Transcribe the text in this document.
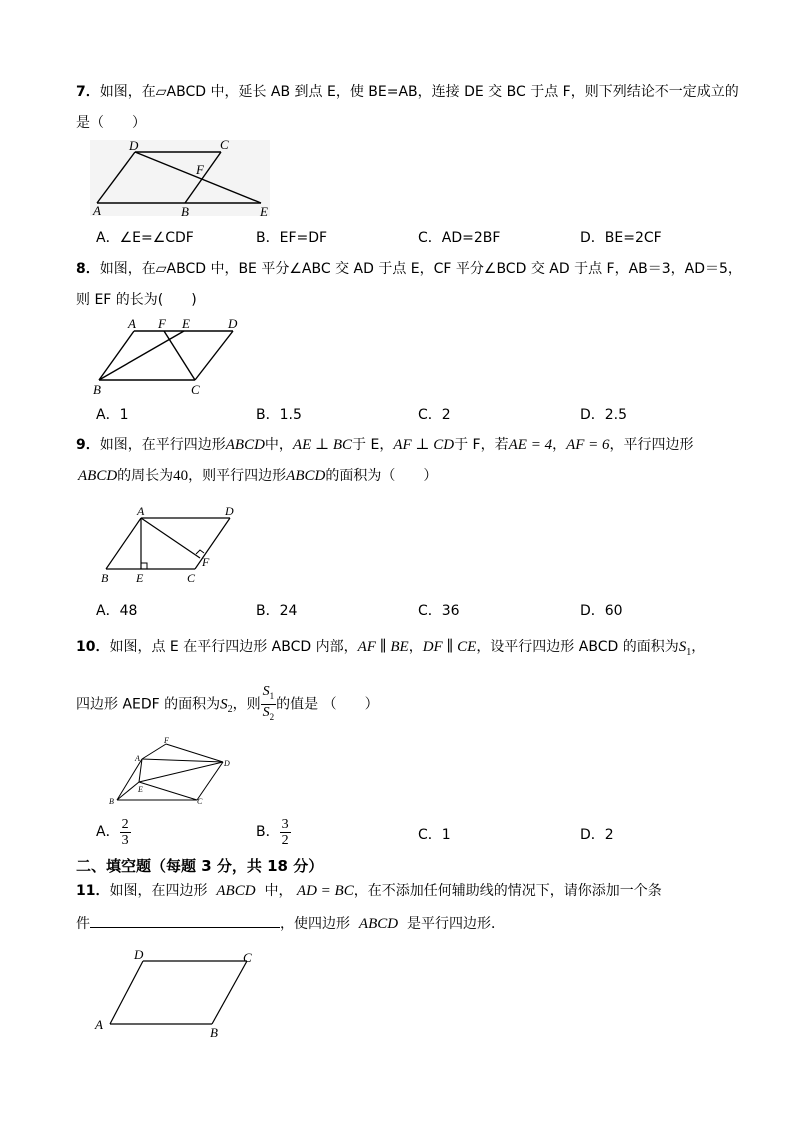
7．如图，在▱ABCD 中，延长 AB 到点 E，使 BE=AB，连接 DE 交 BC 于点 F，则下列结论不一定成立的
是（　　）
D	C
F
A	B	E
A．∠E=∠CDF	B．EF=DF	C．AD=2BF	D．BE=2CF
8．如图，在▱ABCD 中，BE 平分∠ABC 交 AD 于点 E，CF 平分∠BCD 交 AD 于点 F，AB＝3，AD＝5，
则 EF 的长为(　　)
A F E	D
B	C
A．1	B．1.5	C．2	D．2.5
9．如图，在平行四边形ABCD中，AE ⊥ BC于 E，AF ⊥ CD于 F，若AE = 4，AF = 6，平行四边形
ABCD的周长为40，则平行四边形ABCD的面积为（　　）
A	D
B E	C
F
A．48	B．24	C．36	D．60
10．如图，点 E 在平行四边形 ABCD 内部，AF ∥ BE，DF ∥ CE，设平行四边形 ABCD 的面积为$S_1$，
四边形 AEDF 的面积为$S_2$，则 $\frac{S_1}{S_2}$ 的值是 （　　）
F
A
D
E
B	C
A． $\frac{2}{3}$	B． $\frac{3}{2}$	C．1	D．2
二、填空题（每题 3 分，共 18 分）
11．如图，在四边形 ABCD 中， AD = BC，在不添加任何辅助线的情况下，请你添加一个条
件	，使四边形 ABCD 是平行四边形．
D	C
A
B
